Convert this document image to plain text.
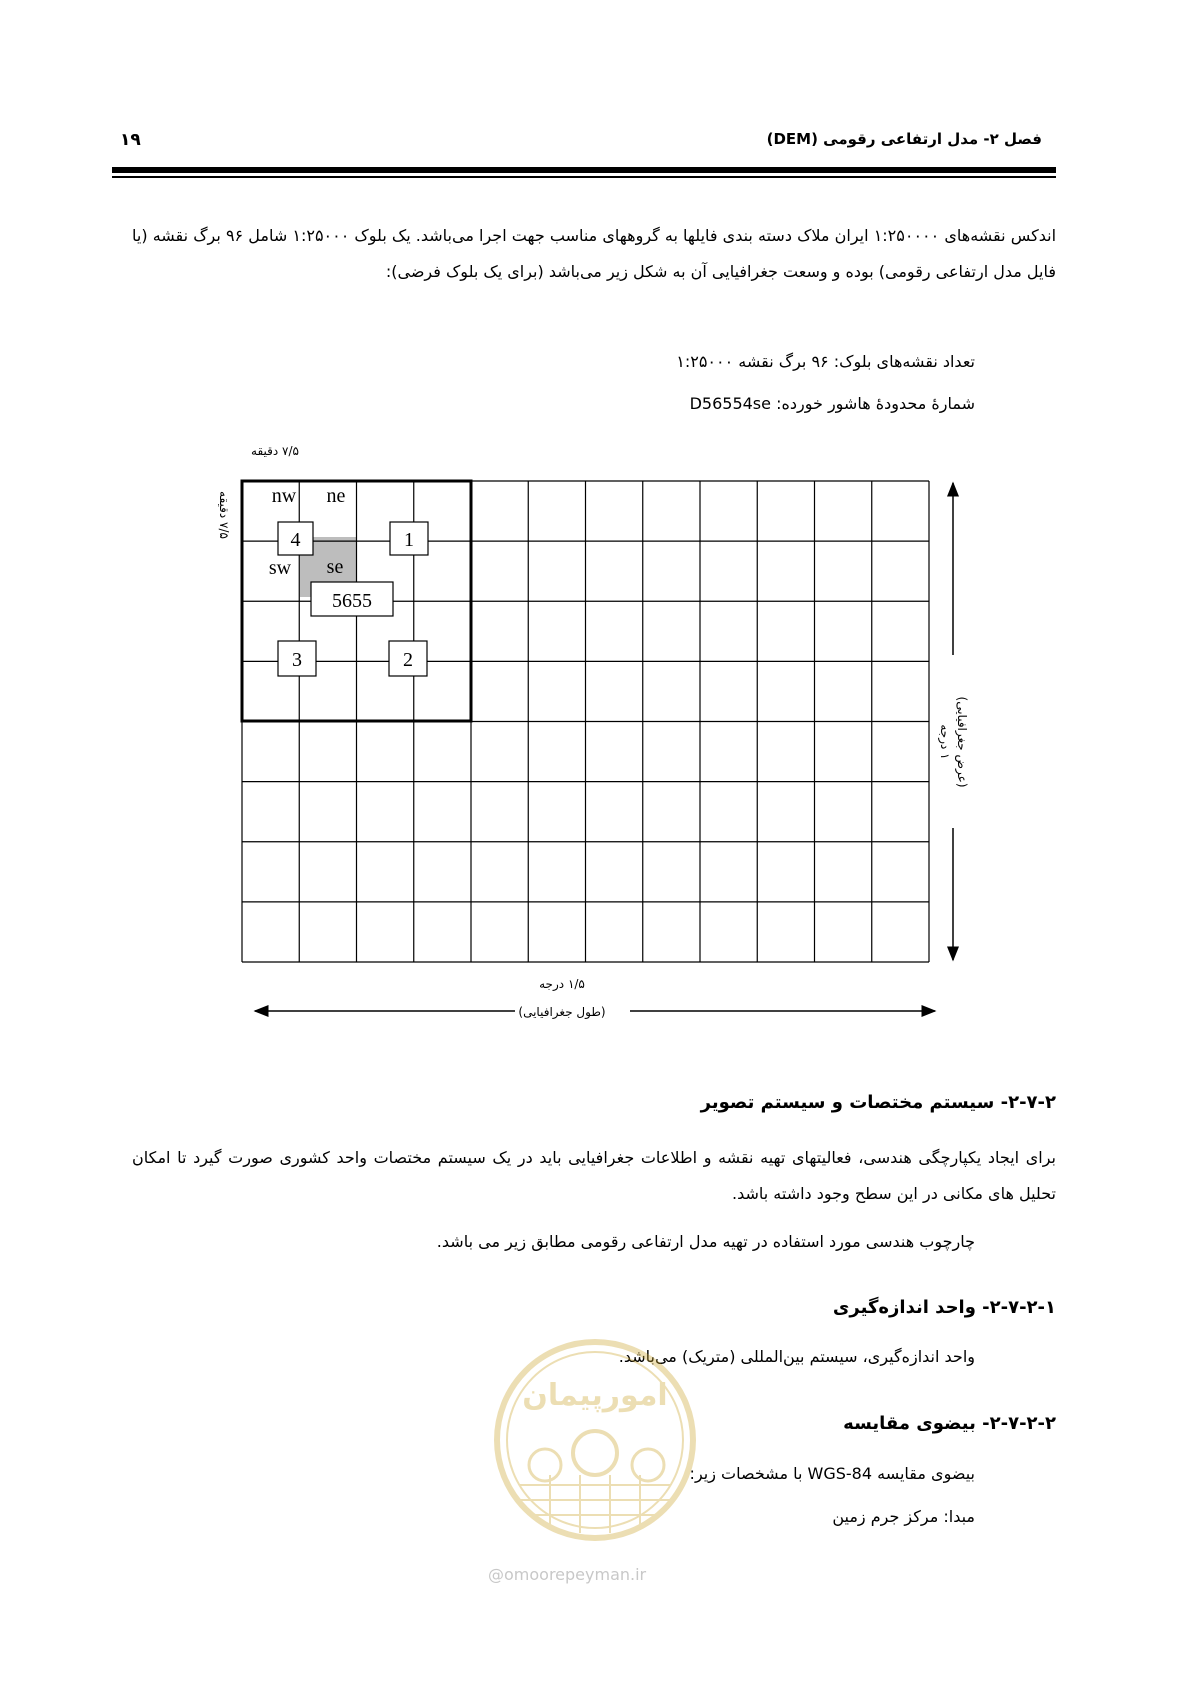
فصل ۲- مدل ارتفاعی رقومی (DEM)
۱۹

اندکس نقشه‌های ۱:۲۵۰۰۰۰ ایران ملاک دسته بندی فایلها به گروههای مناسب جهت اجرا می‌باشد. یک بلوک ۱:۲۵۰۰۰ شامل ۹۶ برگ نقشه (یا فایل مدل ارتفاعی رقومی) بوده و وسعت جغرافیایی آن به شکل زیر می‌باشد (برای یک بلوک فرضی):

تعداد نقشه‌های بلوک: ۹۶ برگ نقشه ۱:۲۵۰۰۰
شمارهٔ محدودهٔ هاشور خورده: D56554se
nw ne
sw se
4	1
3	2
5655
۷/۵ دقیقه
۷/۵ دقیقه
۱ درجه (عرض جغرافیایی)
۱/۵ درجه
(طول جغرافیایی)
۲-۷-۲- سیستم مختصات و سیستم تصویر

برای ایجاد یکپارچگی هندسی، فعالیتهای تهیه نقشه و اطلاعات جغرافیایی باید در یک سیستم مختصات واحد کشوری صورت گیرد تا امکان تحلیل های مکانی در این سطح وجود داشته باشد.

چارچوب هندسی مورد استفاده در تهیه مدل ارتفاعی رقومی مطابق زیر می باشد.
۲-۷-۲-۱- واحد اندازه‌گیری
واحد اندازه‌گیری، سیستم بین‌المللی (متریک) می‌باشد.
۲-۷-۲-۲- بیضوی مقایسه
بیضوی مقایسه WGS-84 با مشخصات زیر:
مبدا: مرکز جرم زمین
امورپیمان
@omoorepeyman.ir
